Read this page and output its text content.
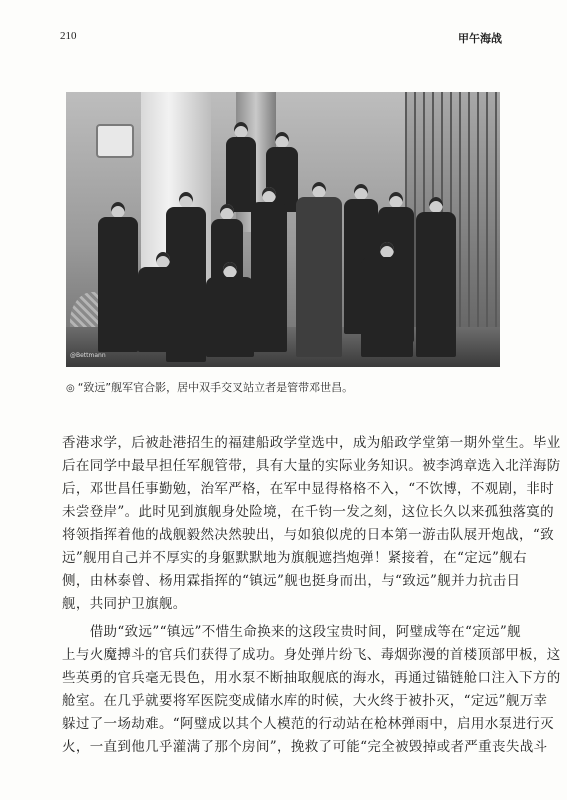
210	甲午海战
@Bettmann
◎ “致远”舰军官合影，居中双手交叉站立者是管带邓世昌。
香港求学，后被赴港招生的福建船政学堂选中，成为船政学堂第一期外堂生。毕业
后在同学中最早担任军舰管带，具有大量的实际业务知识。被李鸿章选入北洋海防
后，邓世昌任事勤勉，治军严格，在军中显得格格不入，“不饮博，不观剧，非时
未尝登岸”。此时见到旗舰身处险境，在千钧一发之刻，这位长久以来孤独落寞的
将领指挥着他的战舰毅然决然驶出，与如狼似虎的日本第一游击队展开炮战，“致
远”舰用自己并不厚实的身躯默默地为旗舰遮挡炮弹！紧接着，在“定远”舰右
侧，由林泰曾、杨用霖指挥的“镇远”舰也挺身而出，与“致远”舰并力抗击日
舰，共同护卫旗舰。
　　借助“致远”“镇远”不惜生命换来的这段宝贵时间，阿璧成等在“定远”舰
上与火魔搏斗的官兵们获得了成功。身处弹片纷飞、毒烟弥漫的首楼顶部甲板，这
些英勇的官兵毫无畏色，用水泵不断抽取舰底的海水，再通过锚链舱口注入下方的
舱室。在几乎就要将军医院变成储水库的时候，大火终于被扑灭，“定远”舰万幸
躲过了一场劫难。“阿璧成以其个人模范的行动站在枪林弹雨中，启用水泵进行灭
火，一直到他几乎灌满了那个房间”，挽救了可能“完全被毁掉或者严重丧失战斗
